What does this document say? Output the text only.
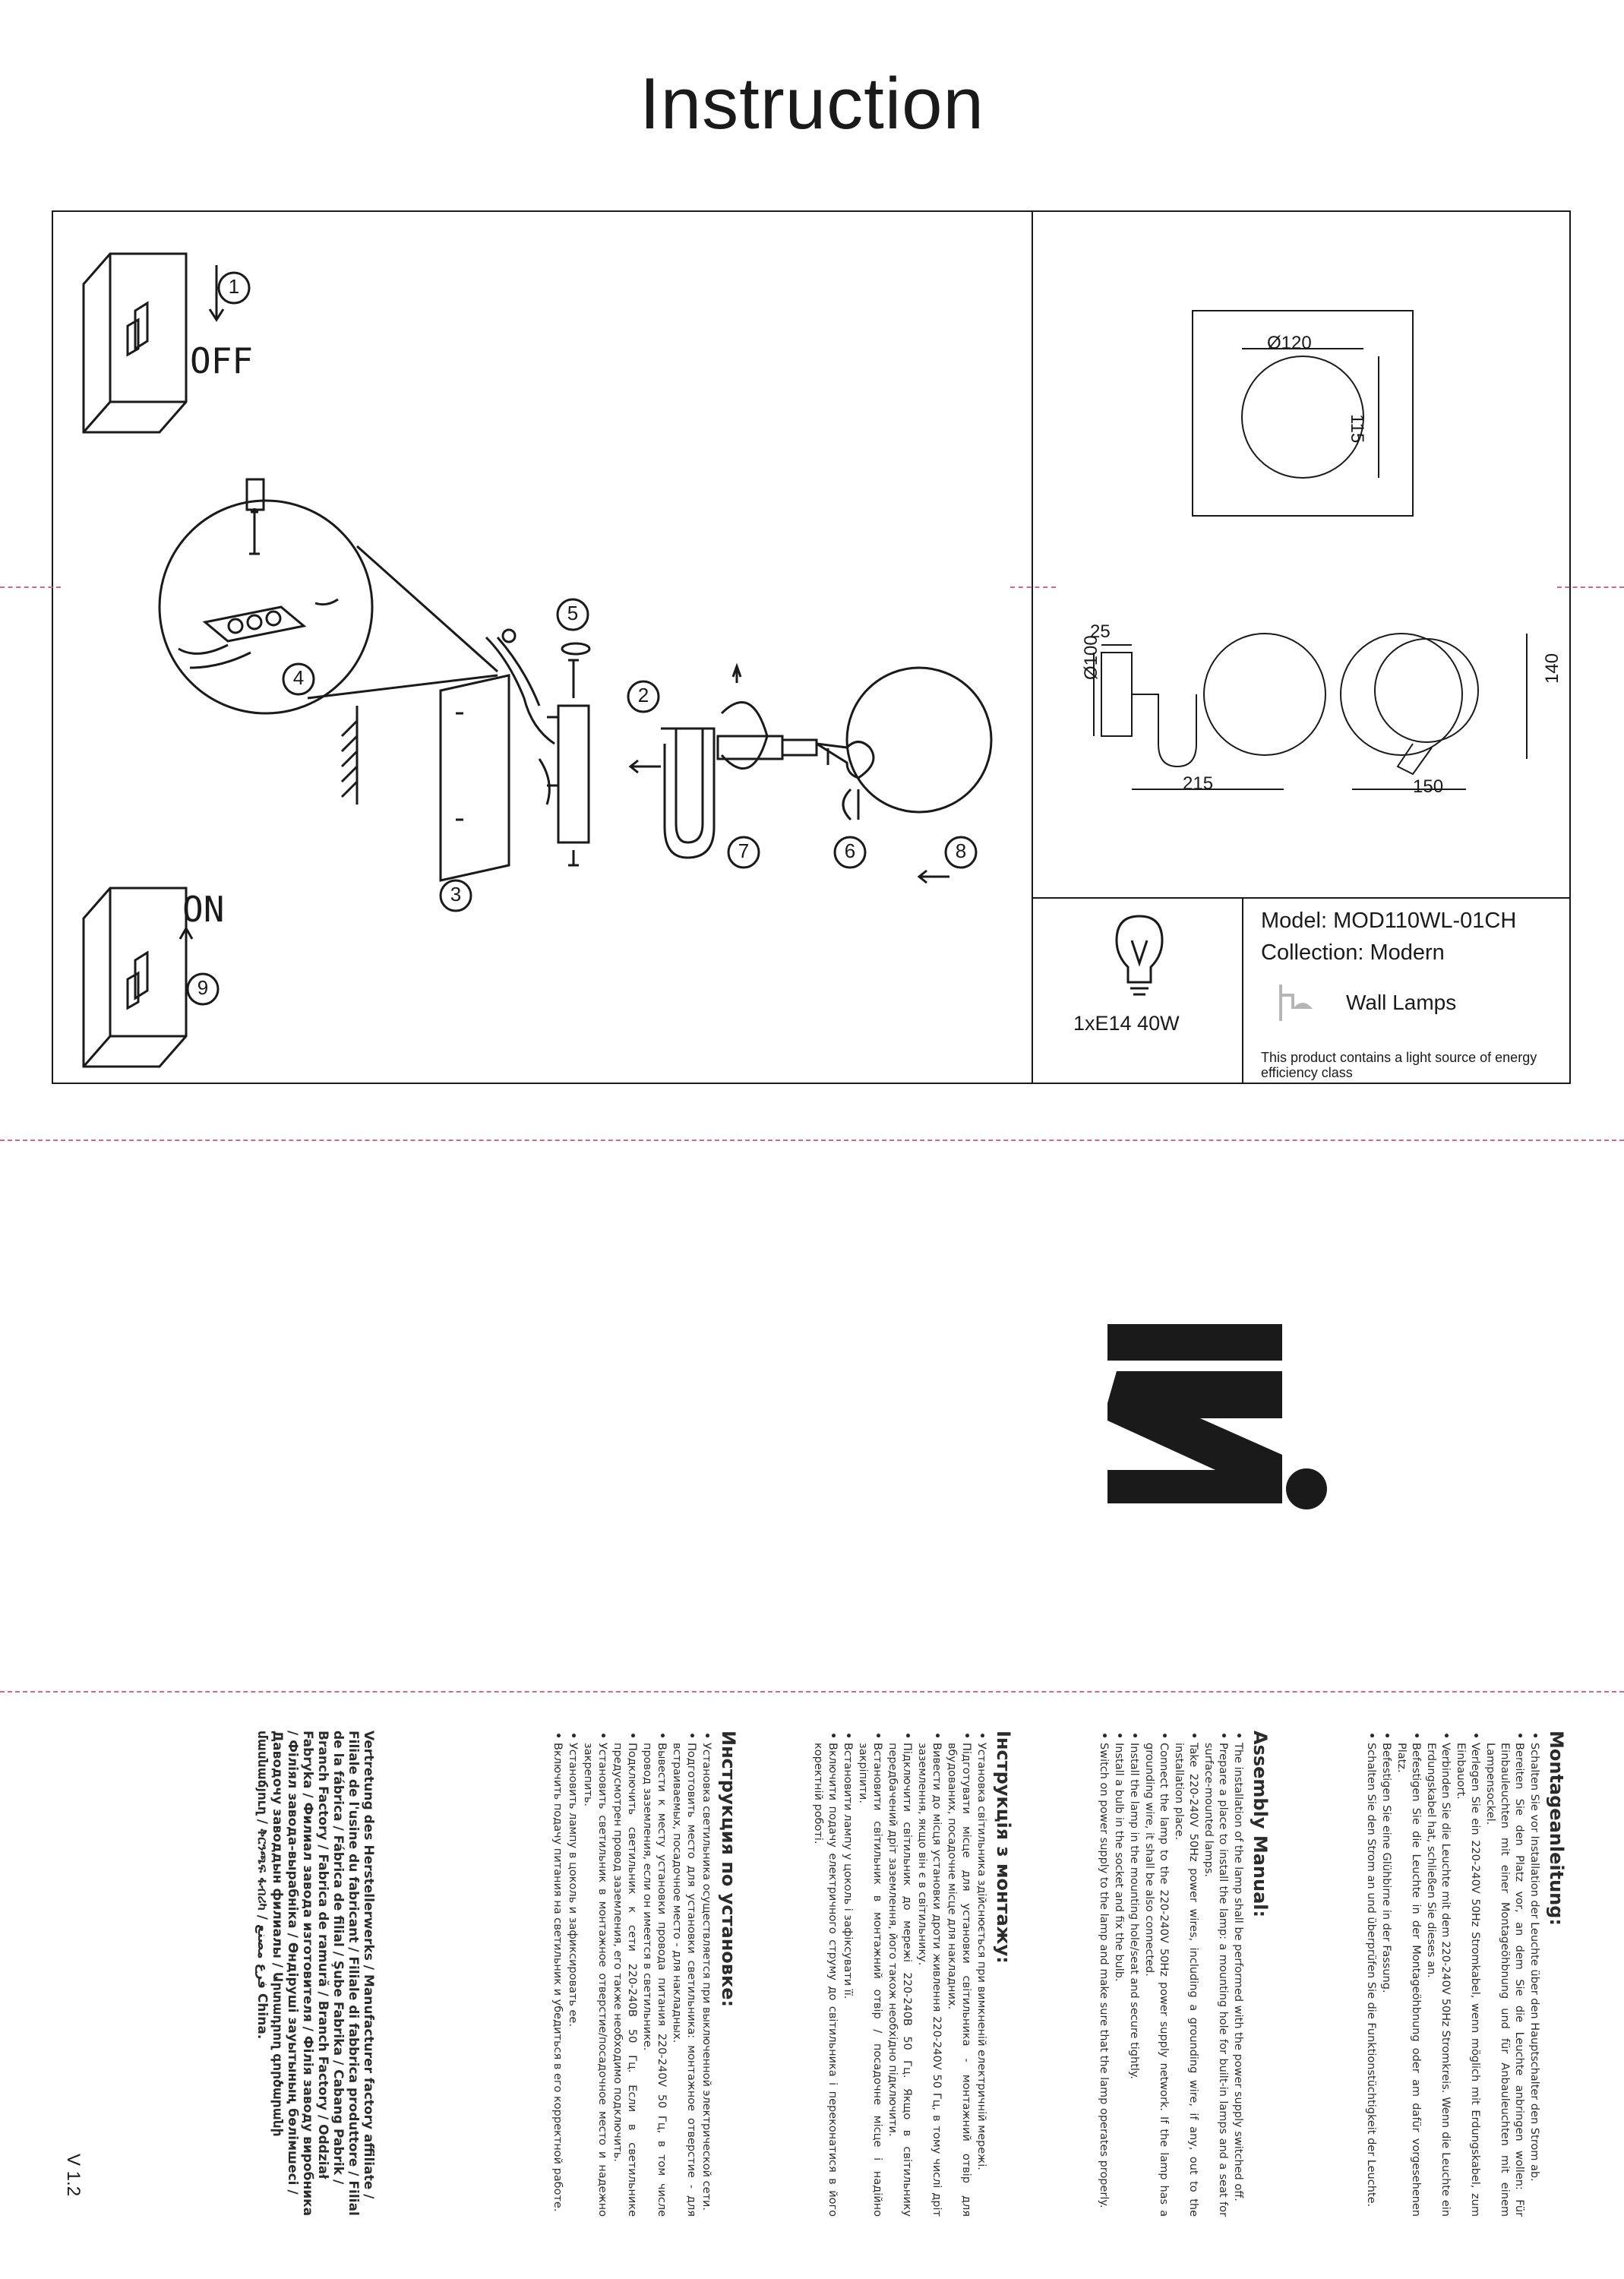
Instruction
1
2
3
4
5
6
7	8
9
OFF
ON
Ø120
115
25
Ø100
215	150
140
1xE14 40W
Model: MOD110WL-01CH
Collection: Modern
Wall Lamps
This product contains a light source of energy efficiency class
Montageanleitung:
• Schalten Sie vor Installation der Leuchte über den Hauptschalter den Strom ab.
• Bereiten Sie den Platz vor, an dem Sie die Leuchte anbringen wollen: Für Einbauleuchten mit einer Montageöhbnung und für Anbauleuchten mit einem Lampensockel.
• Verlegen Sie ein 220-240V 50Hz Stromkabel, wenn möglich mit Erdungskabel, zum Einbauort.
• Verbinden Sie die Leuchte mit dem 220-240V 50Hz Stromkreis. Wenn die Leuchte ein Erdungskabel hat, schließen Sie dieses an.
• Befestigen Sie die Leuchte in der Montageöhbnung oder am dafür vorgesehenen Platz.
• Befestigen Sie eine Glühbirne in der Fassung.
• Schalten Sie den Strom an und überprüfen Sie die Funktionstüchtigkeit der Leuchte.
Assembly Manual:
• The installation of the lamp shall be performed with the power supply switched off.
• Prepare a place to install the lamp: a mounting hole for built-in lamps and a seat for surface-mounted lamps.
• Take 220-240V 50Hz power wires, including a grounding wire, if any, out to the installation place.
• Connect the lamp to the 220-240V 50Hz power supply network. If the lamp has a grounding wire, it shall be also connected.
• Install the lamp in the mounting hole/seat and secure tightly.
• Install a bulb in the socket and fix the bulb.
• Switch on power supply to the lamp and make sure that the lamp operates properly.
Інструкція з монтажу:
• Установка світильника здійснюється при вимкненій електричній мережі.
• Підготувати місце для установки світильника - монтажний отвір для вбудованих, посадочне місце для накладних.
• Вивести до місця установки дроти живлення 220-240V 50 Гц, в тому числі дріт заземлення, якщо він є в світильнику.
• Підключити світильник до мережі 220-240В 50 Гц. Якщо в світильнику передбачений дріт заземлення, його також необхідно підключити.
• Встановити світильник в монтажний отвір / посадочне місце і надійно закріпити.
• Встановити лампу у цоколь і зафіксувати її.
• Включити подачу електричного струму до світильника і переконатися в його коректній роботі.
Инструкция по установке:
• Установка светильника осуществляется при выключенной электрической сети.
• Подготовить место для установки светильника: монтажное отверстие - для встраиваемых, посадочное место - для накладных.
• Вывести к месту установки провода питания 220-240V 50 Гц, в том числе провод заземления, если он имеется в светильнике.
• Подключить светильник к сети 220-240В 50 Гц. Если в светильнике предусмотрен провод заземления, его также необходимо подключить.
• Установить светильник в монтажное отверстие/посадочное место и надежно закрепить.
• Установить лампу в цоколь и зафиксировать ее.
• Включить подачу питания на светильник и убедиться в его корректной работе.
Vertretung des Herstellerwerks / Manufacturer factory affiliate / Filiale de l'usine du fabricant / Filiale di fabbrica produttore / Filial de la fábrica / Fábrica de filial / Şube Fabrika / Cabang Pabrik / Branch Factory / Fabrica de ramură / Branch Factory / Oddział Fabryka / Филиал завода изготовителя / Філія заводу виробника / Філіял завода-вырабніка / Өндіруші зауытының бөлімшесі / Даводочу заводдын филиалы / Արտադրող գործարանի մասնաճյուղ / ቅርንጫፍ ፋብሪካ / فرع مصنع China.
V 1.2
